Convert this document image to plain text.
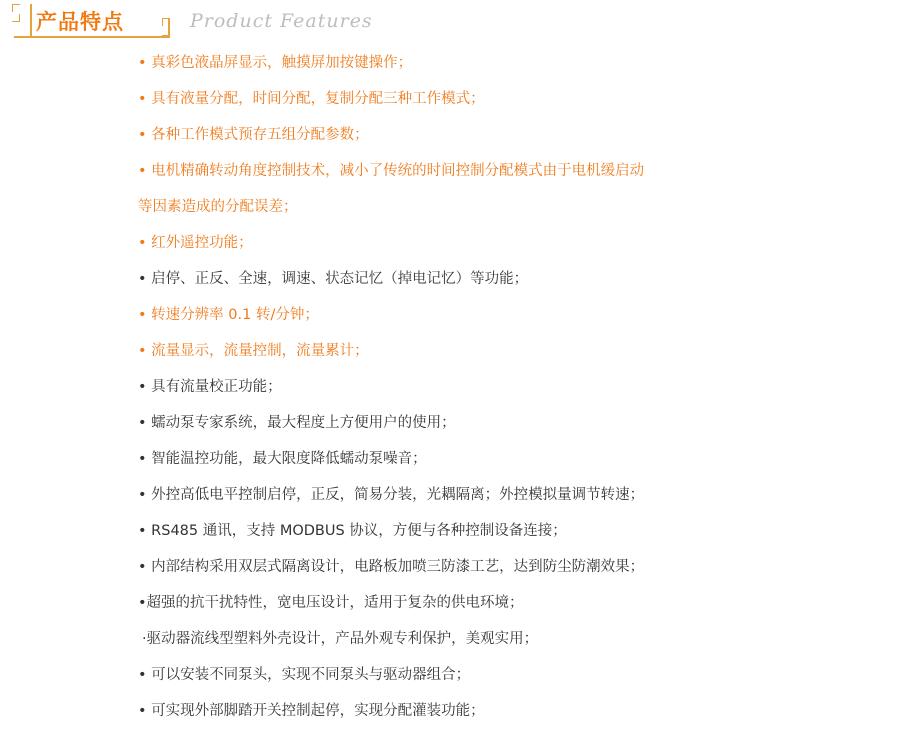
产品特点	Product Features
• 真彩色液晶屏显示，触摸屏加按键操作；
• 具有液量分配，时间分配，复制分配三种工作模式；
• 各种工作模式预存五组分配参数；
• 电机精确转动角度控制技术，减小了传统的时间控制分配模式由于电机缓启动
等因素造成的分配误差；
• 红外遥控功能；
• 启停、正反、全速，调速、状态记忆（掉电记忆）等功能；
• 转速分辨率 0.1 转/分钟；
• 流量显示，流量控制，流量累计；
• 具有流量校正功能；
• 蠕动泵专家系统，最大程度上方便用户的使用；
• 智能温控功能，最大限度降低蠕动泵噪音；
• 外控高低电平控制启停，正反，简易分装，光耦隔离；外控模拟量调节转速；
• RS485 通讯，支持 MODBUS 协议，方便与各种控制设备连接；
• 内部结构采用双层式隔离设计，电路板加喷三防漆工艺，达到防尘防潮效果；
•超强的抗干扰特性，宽电压设计，适用于复杂的供电环境；
·驱动器流线型塑料外壳设计，产品外观专利保护，美观实用；
• 可以安装不同泵头，实现不同泵头与驱动器组合；
• 可实现外部脚踏开关控制起停，实现分配灌装功能；
